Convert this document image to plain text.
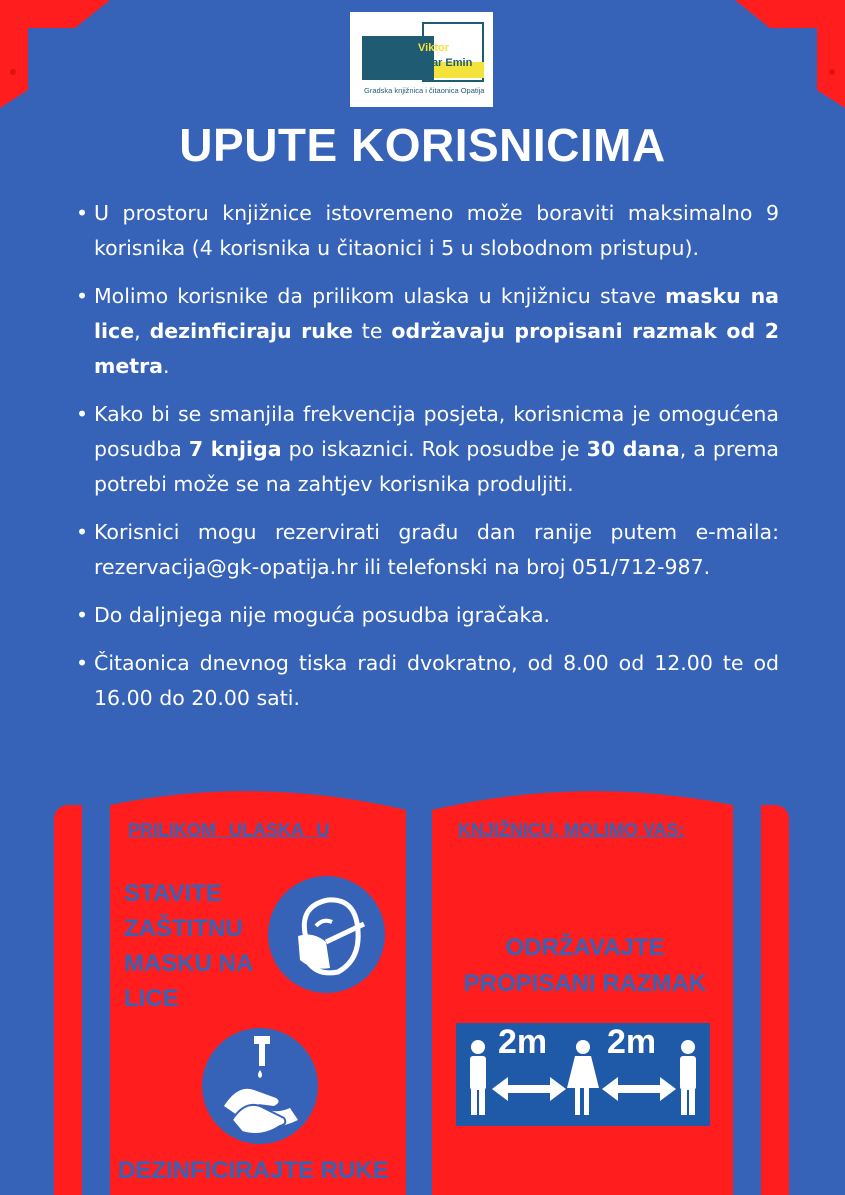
Viktor
Car Emin
Gradska knjižnica i čitaonica Opatija
UPUTE KORISNICIMA
• U prostoru knjižnice istovremeno može boraviti maksimalno 9 korisnika (4 korisnika u čitaonici i 5 u slobodnom pristupu).
• Molimo korisnike da prilikom ulaska u knjižnicu stave masku na lice, dezinficiraju ruke te održavaju propisani razmak od 2 metra.
• Kako bi se smanjila frekvencija posjeta, korisnicma je omogućena posudba 7 knjiga po iskaznici. Rok posudbe je 30 dana, a prema potrebi može se na zahtjev korisnika produljiti.
• Korisnici mogu rezervirati građu dan ranije putem e-maila: rezervacija@gk-opatija.hr ili telefonski na broj 051/712-987.
• Do daljnjega nije moguća posudba igračaka.
• Čitaonica dnevnog tiska radi dvokratno, od 8.00 od 12.00 te od 16.00 do 20.00 sati.
PRILIKOM ULASKA U	KNJIŽNICU, MOLIMO VAS:
STAVITE ZAŠTITNU MASKU NA LICE
ODRŽAVAJTE PROPISANI RAZMAK
2m 2m
DEZINFICIRAJTE RUKE
